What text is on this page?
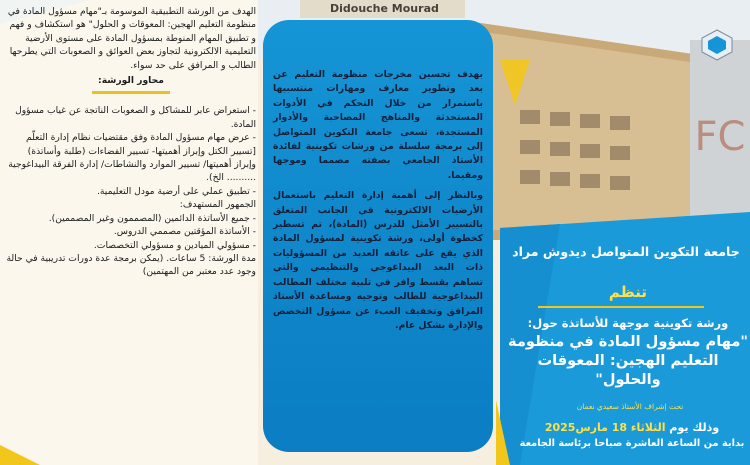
FC
Didouche Mourad

الهدف من الورشة التطبيقية الموسومة بـ"مهام مسؤول المادة في منظومة التعليم الهجين: المعوقات و الحلول" هو استكشاف و فهم و تطبيق المهام المنوطة بمسؤول المادة على مستوى الأرضية التعليمية الالكترونية لتجاوز بعض العوائق و الصعوبات التي يطرحها الطالب و المرافق على حد سواء.

محاور الورشة:

- استعراض عابر للمشاكل و الصعوبات الناتجة عن غياب مسؤول المادة.

- عرض مهام مسؤول المادة وفق مقتضيات نظام إدارة التعلّم [تسيير الكتل وإبراز أهميتها- تسيير الفضاءات (طلبة وأساتذة) وإبراز أهميتها/ تسيير الموارد والنشاطات/ إدارة الفرقة البيداغوجية .......... الخ).

- تطبيق عملي على أرضية مودل التعليمية.

الجمهور المستهدف:

- جميع الأساتذة الدائمين (المصممون وغير المصممين).

- الأساتذة المؤقتين مصممي الدروس.

- مسؤولي الميادين و مسؤولي التخصصات.

مدة الورشة: 5 ساعات. (يمكن برمجة عدة دورات تدريبية في حالة وجود عدد معتبر من المهتمين)

بهدف تحسين مخرجات منظومة التعليم عن بعد وتطوير معارف ومهارات منتسبيها باستمرار من خلال التحكم في الأدوات المستحدثة والمناهج المصاحبة والأدوار المستجدة، تسعى جامعة التكوين المتواصل إلى برمجة سلسلة من ورشات تكوينية لفائدة الأستاذ الجامعي بصفته مصمما وموجها ومقيما.

وبالنظر إلى أهمية إدارة التعليم باستعمال الأرضيات الالكترونية في الجانب المتعلق بالتسيير الأمثل للدرس (المادة)، تم تسطير كخطوة أولى، ورشة تكوينية لمسؤول المادة الذي يقع على عاتقه العديد من المسؤوليات ذات البعد البيداغوجي والتنظيمي والتي تساهم بقسط وافر في تلبية مختلف المطالب البيداغوجية للطالب وتوجيه ومساعدة الأستاذ المرافق وتخفيف العبء عن مسؤول التخصص والإدارة بشكل عام.

جامعة التكوين المتواصل ديدوش مراد
تنظم
ورشة تكوينية موجهة للأساتذة حول:
"مهام مسؤول المادة في منظومة التعليم الهجين: المعوقات والحلول"
تحت إشراف الأستاذ سعيدي نعمان
وذلك يوم الثلاثاء 18 مارس2025
بداية من الساعة العاشرة صباحا برئاسة الجامعة
